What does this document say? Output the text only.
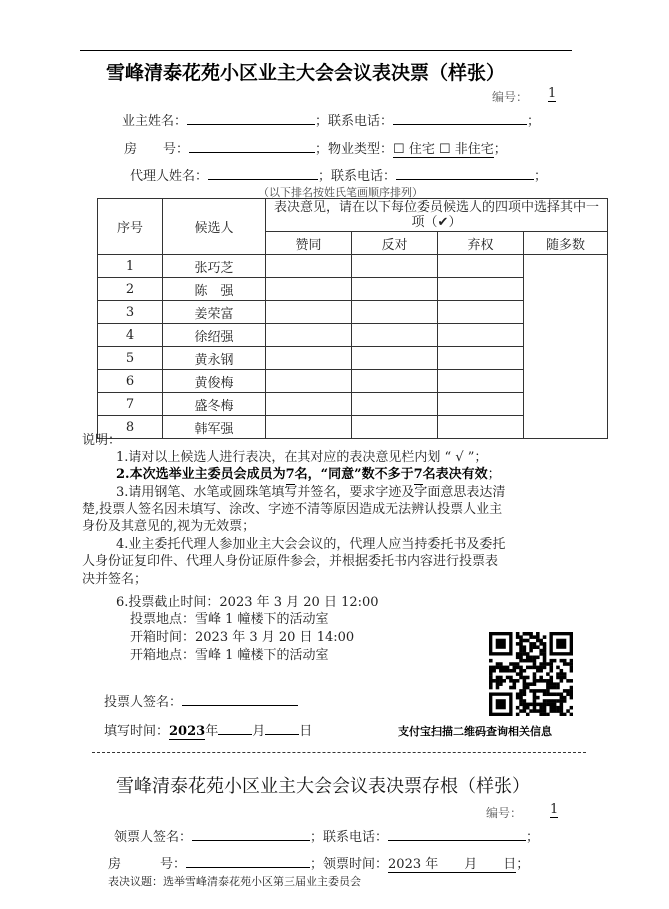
雪峰清泰花苑小区业主大会会议表决票（样张）
编号： 1
业主姓名：	；联系电话：	；
房　　号：	；物业类型：☐ 住宅 ☐ 非住宅；
代理人姓名：	；联系电话：	；
（以下排名按姓氏笔画顺序排列）
序号	候选人	表决意见，请在以下每位委员候选人的四项中选择其中一项（✔）			
		赞同	反对	弃权	随多数
1	张巧芝				
2	陈　强				
3	姜荣富				
4	徐绍强				
5	黄永钢				
6	黄俊梅				
7	盛冬梅				
8	韩军强				
说明：
1.请对以上候选人进行表决，在其对应的表决意见栏内划 “ √ ”；
2.本次选举业主委员会成员为7名，“同意”数不多于7名表决有效；
3.请用钢笔、水笔或圆珠笔填写并签名，要求字迹及字面意思表达清
楚,投票人签名因未填写、涂改、字迹不清等原因造成无法辨认投票人业主
身份及其意见的,视为无效票；
4.业主委托代理人参加业主大会会议的，代理人应当持委托书及委托
人身份证复印件、代理人身份证原件参会，并根据委托书内容进行投票表
决并签名；
6.投票截止时间：2023 年 3 月 20 日 12:00
投票地点：雪峰 1 幢楼下的活动室
开箱时间：2023 年 3 月 20 日 14:00
开箱地点：雪峰 1 幢楼下的活动室
投票人签名：
填写时间：2023年	月	日	支付宝扫描二维码查询相关信息
雪峰清泰花苑小区业主大会会议表决票存根（样张）
编号： 1
领票人签名：	；联系电话：	；
房　　　号：	；领票时间：2023 年　　月　　日；
表决议题：选举雪峰清泰花苑小区第三届业主委员会
